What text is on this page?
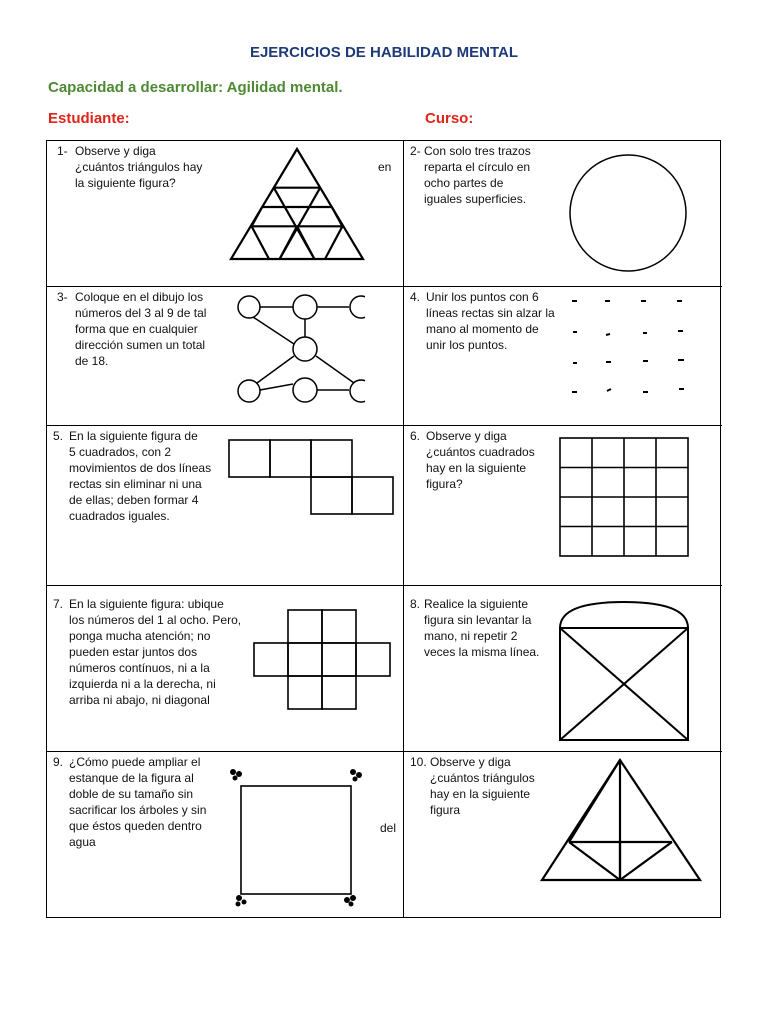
EJERCICIOS DE HABILIDAD MENTAL
Capacidad a desarrollar: Agilidad mental.
Estudiante:	Curso:
1- Observe y diga
¿cuántos triángulos hay
la siguiente figura?
en
2- Con solo tres trazos
reparta el círculo en
ocho partes de
iguales superficies.
3- Coloque en el dibujo los
números del 3 al 9 de tal
forma que en cualquier
dirección sumen un total
de 18.
4. Unir los puntos con 6
líneas rectas sin alzar la
mano al momento de
unir los puntos.
5. En la siguiente figura de
5 cuadrados, con 2
movimientos de dos líneas
rectas sin eliminar ni una
de ellas; deben formar 4
cuadrados iguales.
6. Observe y diga
¿cuántos cuadrados
hay en la siguiente
figura?
7. En la siguiente figura: ubique
los números del 1 al ocho. Pero,
ponga mucha atención; no
pueden estar juntos dos
números contínuos, ni a la
izquierda ni a la derecha, ni
arriba ni abajo, ni diagonal
8. Realice la siguiente
figura sin levantar la
mano, ni repetir 2
veces la misma línea.
9. ¿Cómo puede ampliar el
estanque de la figura al
doble de su tamaño sin
sacrificar los árboles y sin
que éstos queden dentro
agua
del
10. Observe y diga
¿cuántos triángulos
hay en la siguiente
figura
